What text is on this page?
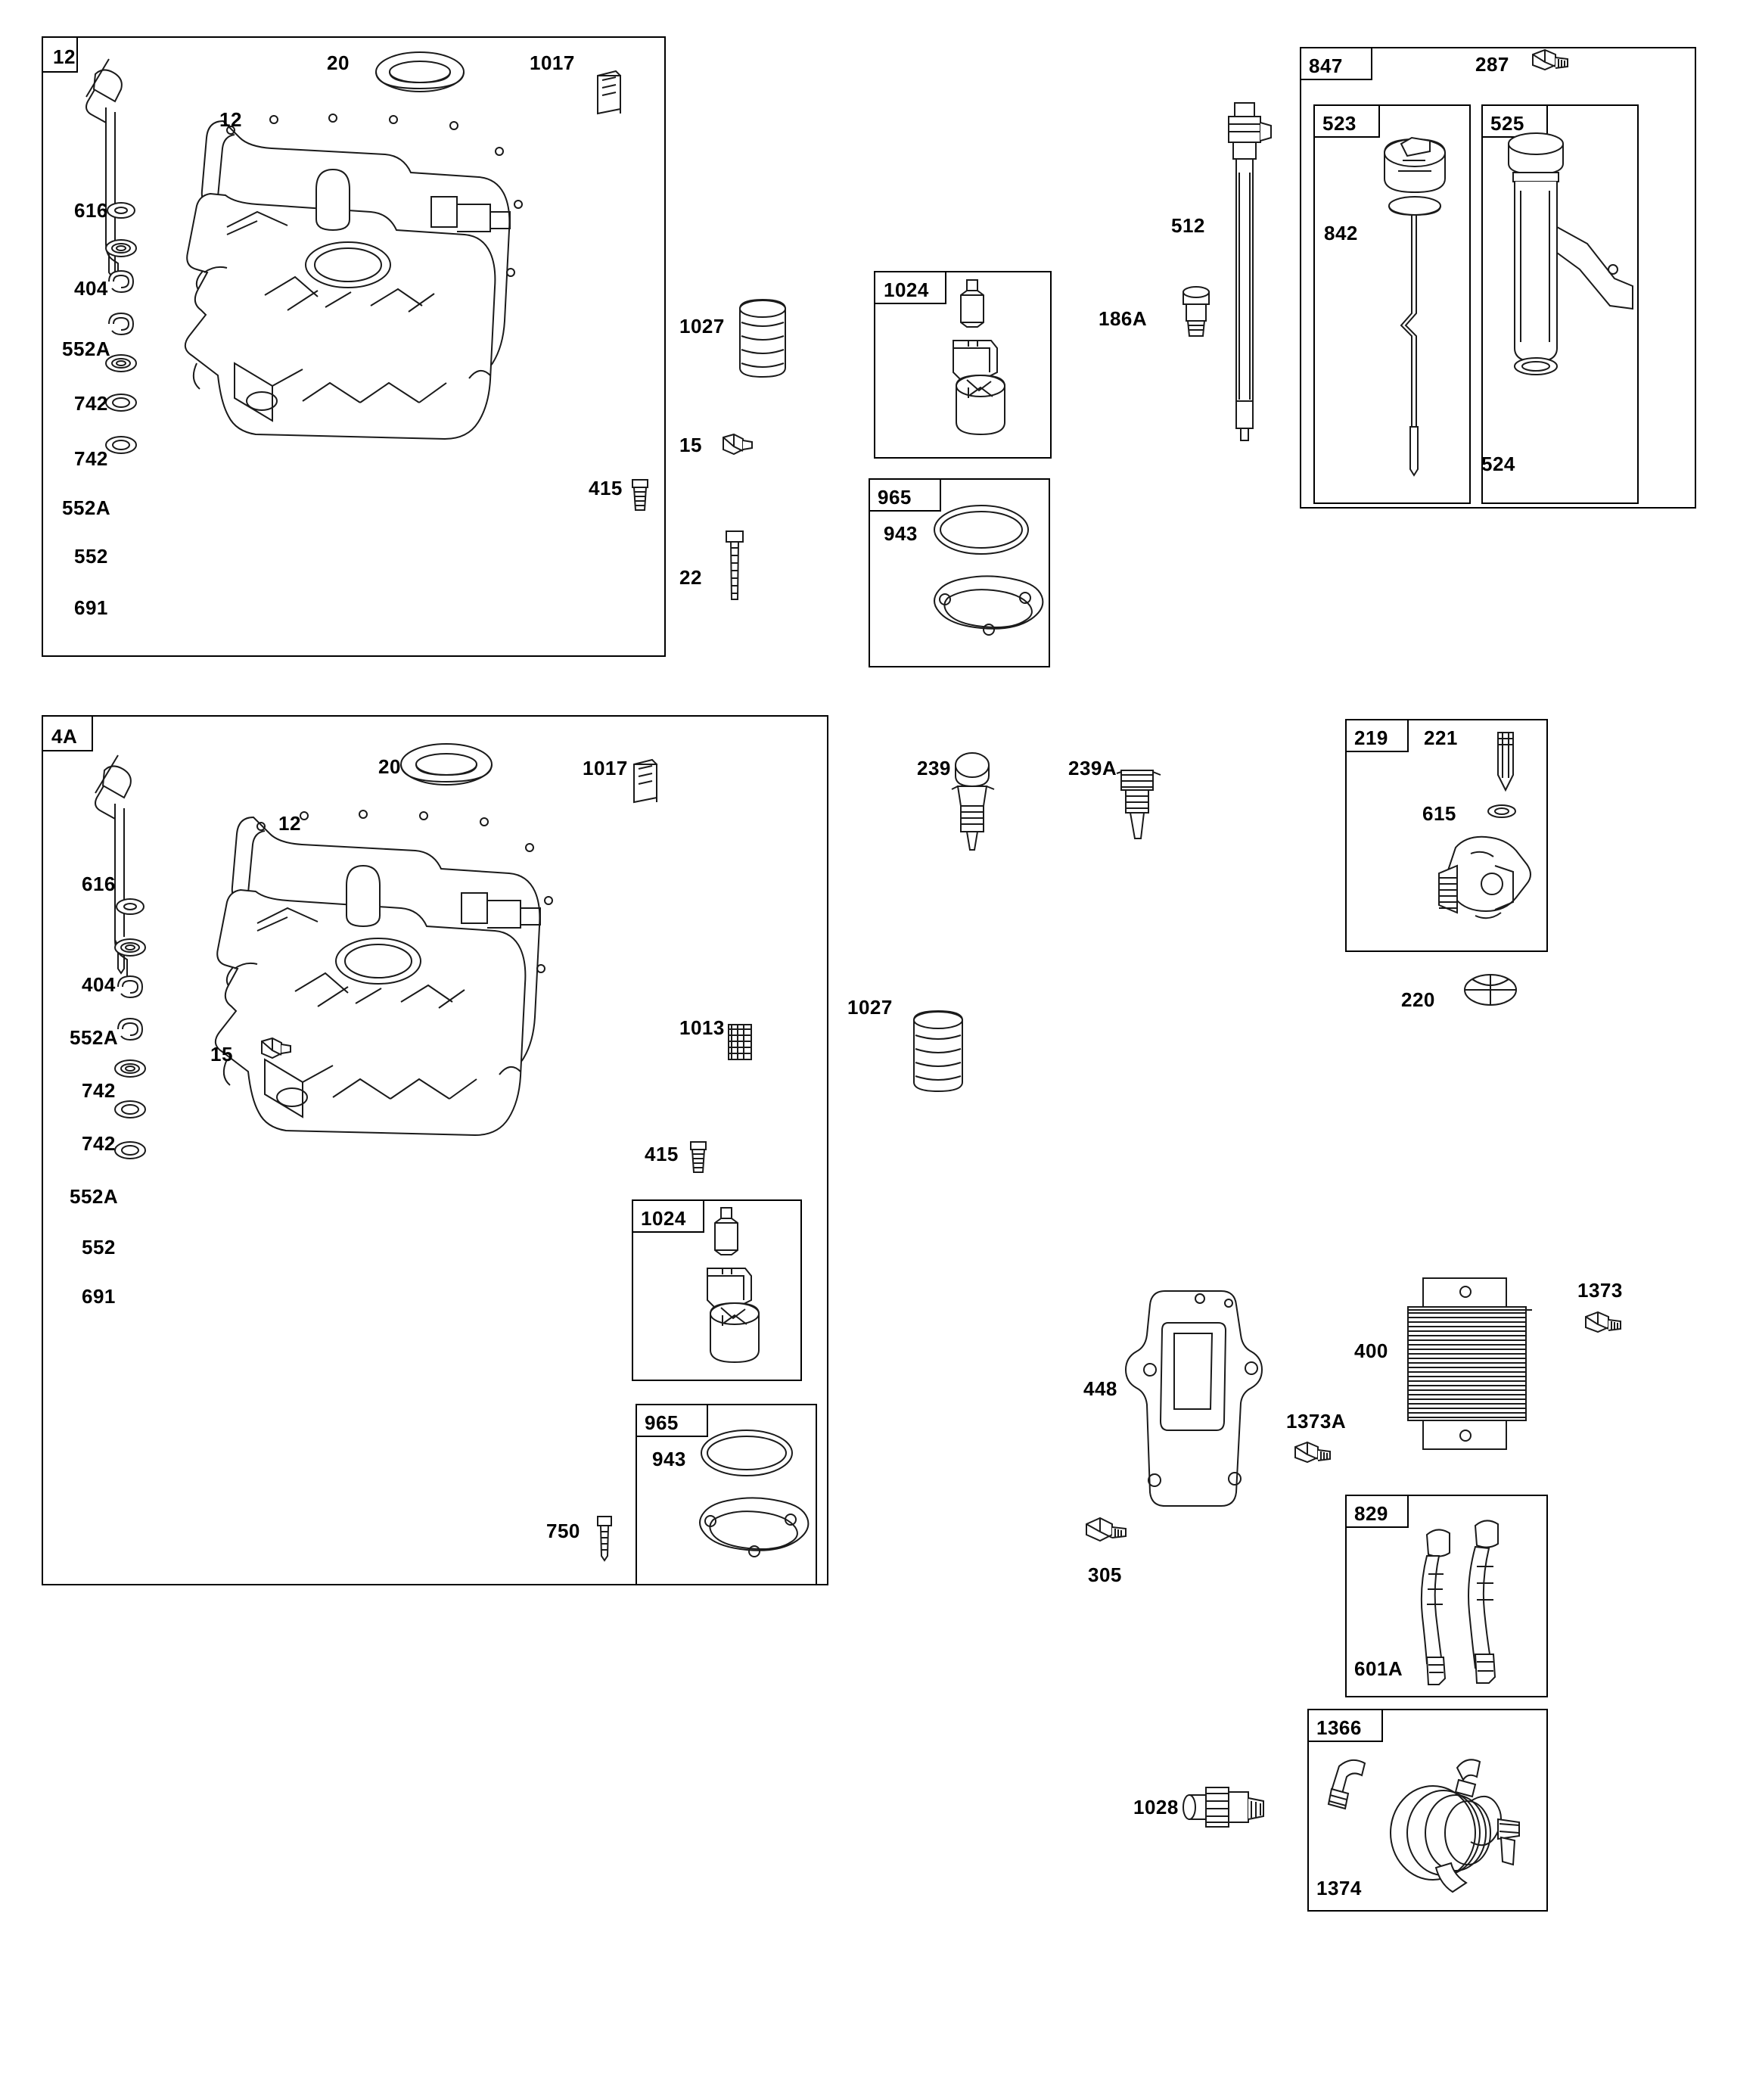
12	20	1017
12
616
404
552A
742
742
552A
552
691
415
1027
15
22
1024
965
943
847
523	525
287
512
186A
842
524
4A
20	1017
12
616
404
552A
742
742
552A
552
691
15
415
1013
1024
965
943
750
1027
239	239A
219 221
615
220
448
400
1373
1373A
305
829
601A
1366
1374
1028
